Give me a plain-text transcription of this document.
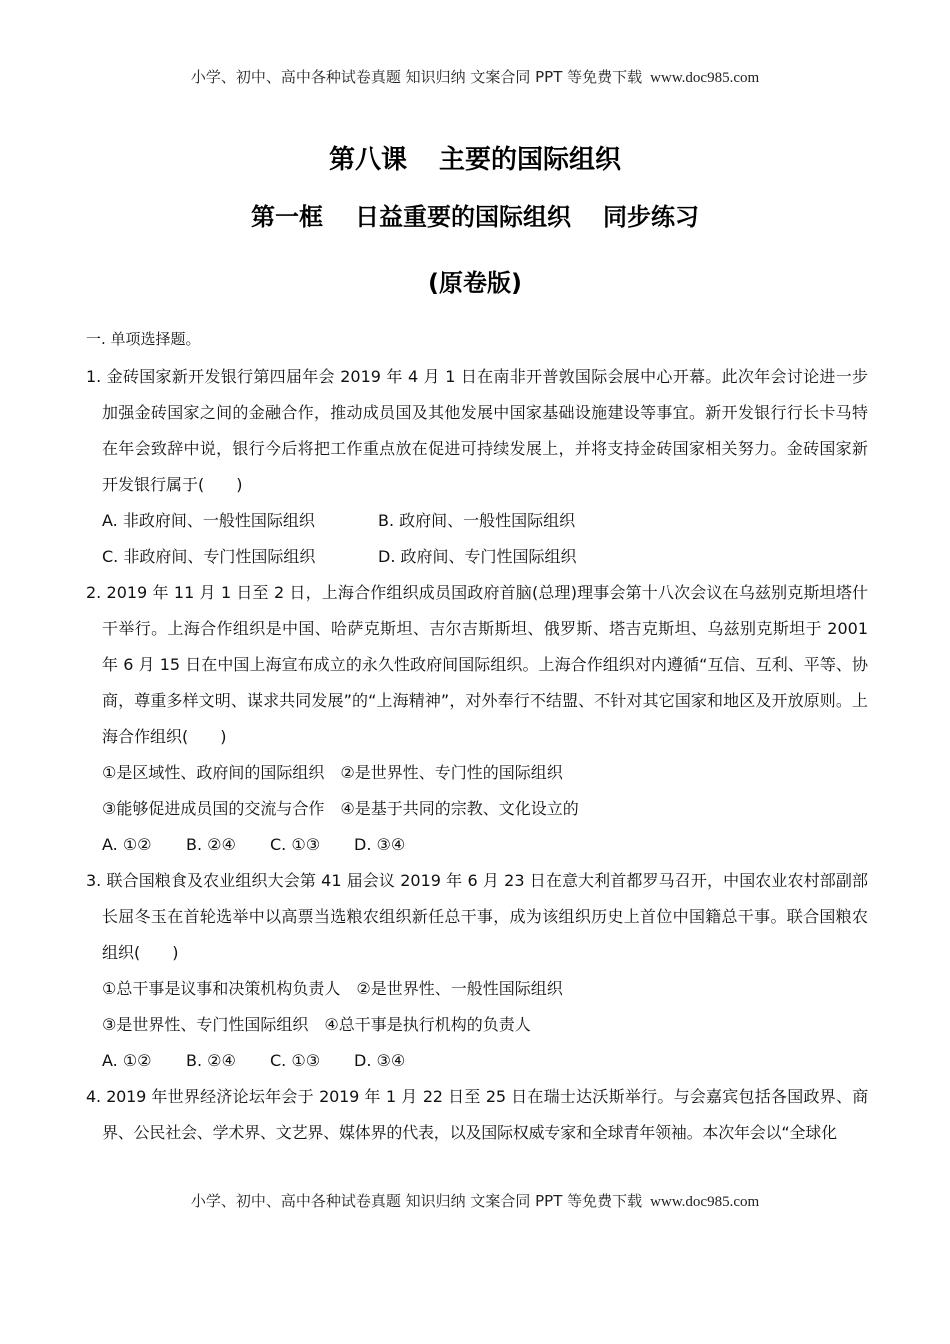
小学、初中、高中各种试卷真题 知识归纳 文案合同 PPT 等免费下载 www.doc985.com
第八课 主要的国际组织
第一框 日益重要的国际组织 同步练习
(原卷版)

一. 单项选择题。

1. 金砖国家新开发银行第四届年会 2019 年 4 月 1 日在南非开普敦国际会展中心开幕。此次年会讨论进一步加强金砖国家之间的金融合作，推动成员国及其他发展中国家基础设施建设等事宜。新开发银行行长卡马特在年会致辞中说，银行今后将把工作重点放在促进可持续发展上，并将支持金砖国家相关努力。金砖国家新开发银行属于(　　)
A. 非政府间、一般性国际组织	B. 政府间、一般性国际组织
C. 非政府间、专门性国际组织	D. 政府间、专门性国际组织
2. 2019 年 11 月 1 日至 2 日，上海合作组织成员国政府首脑(总理)理事会第十八次会议在乌兹别克斯坦塔什干举行。上海合作组织是中国、哈萨克斯坦、吉尔吉斯斯坦、俄罗斯、塔吉克斯坦、乌兹别克斯坦于 2001 年 6 月 15 日在中国上海宣布成立的永久性政府间国际组织。上海合作组织对内遵循“互信、互利、平等、协商，尊重多样文明、谋求共同发展”的“上海精神”，对外奉行不结盟、不针对其它国家和地区及开放原则。上海合作组织(　　)
①是区域性、政府间的国际组织　 ②是世界性、专门性的国际组织
③能够促进成员国的交流与合作　 ④是基于共同的宗教、文化设立的
A. ①②	B. ②④	C. ①③	D. ③④
3. 联合国粮食及农业组织大会第 41 届会议 2019 年 6 月 23 日在意大利首都罗马召开，中国农业农村部副部长屈冬玉在首轮选举中以高票当选粮农组织新任总干事，成为该组织历史上首位中国籍总干事。联合国粮农组织(　　)
①总干事是议事和决策机构负责人　 ②是世界性、一般性国际组织
③是世界性、专门性国际组织　 ④总干事是执行机构的负责人
A. ①②	B. ②④	C. ①③	D. ③④
4. 2019 年世界经济论坛年会于 2019 年 1 月 22 日至 25 日在瑞士达沃斯举行。与会嘉宾包括各国政界、商界、公民社会、学术界、文艺界、媒体界的代表，以及国际权威专家和全球青年领袖。本次年会以“全球化
小学、初中、高中各种试卷真题 知识归纳 文案合同 PPT 等免费下载 www.doc985.com
